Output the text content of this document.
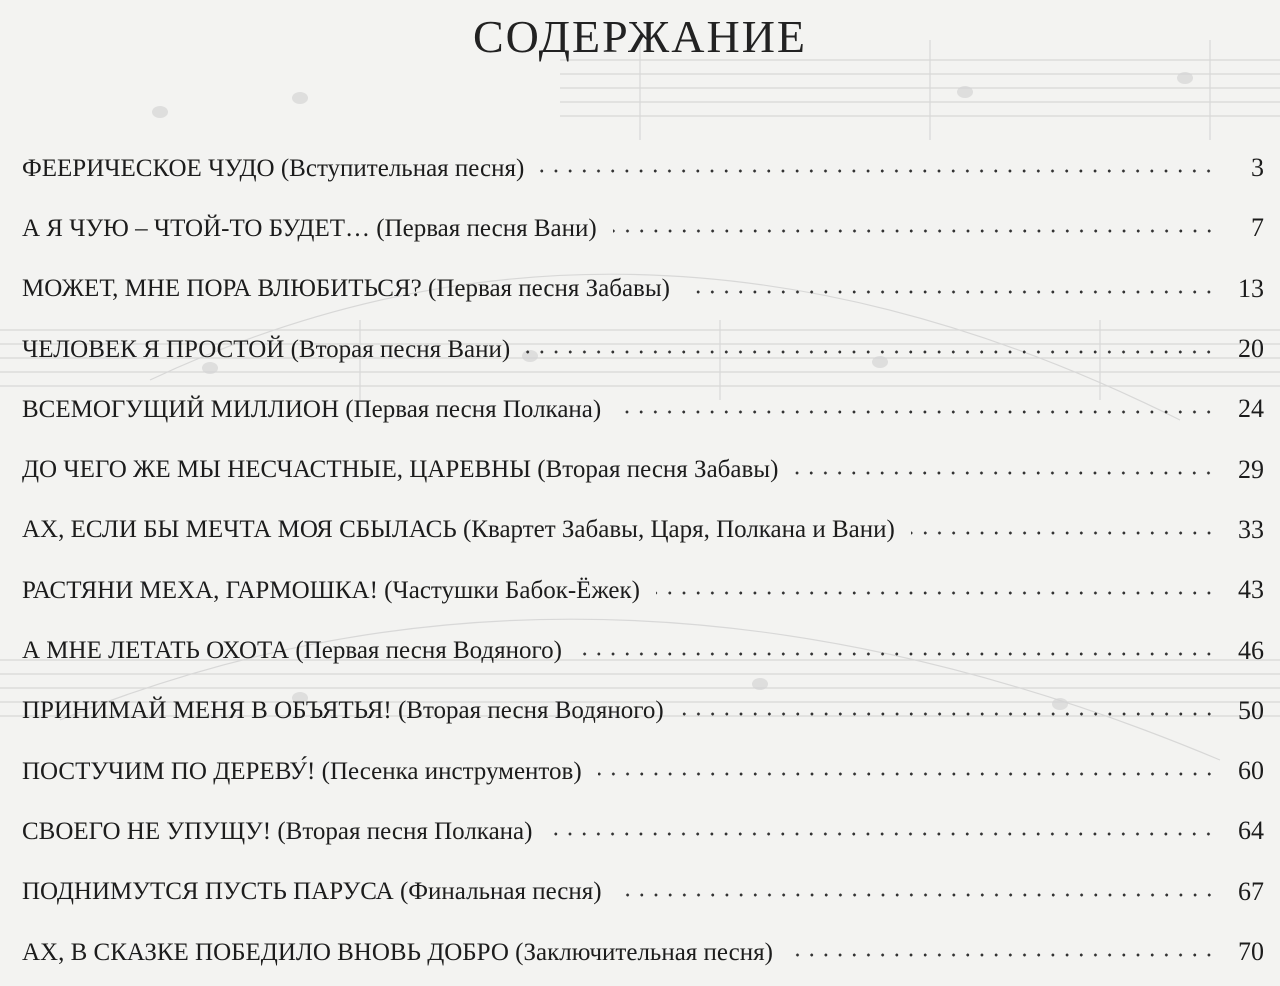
СОДЕРЖАНИЕ
ФЕЕРИЧЕСКОЕ ЧУДО (Вступительная песня)	3
А Я ЧУЮ – ЧТОЙ-ТО БУДЕТ… (Первая песня Вани)	7
МОЖЕТ, МНЕ ПОРА ВЛЮБИТЬСЯ? (Первая песня Забавы)	13
ЧЕЛОВЕК Я ПРОСТОЙ (Вторая песня Вани)	20
ВСЕМОГУЩИЙ МИЛЛИОН (Первая песня Полкана)	24
ДО ЧЕГО ЖЕ МЫ НЕСЧАСТНЫЕ, ЦАРЕВНЫ (Вторая песня Забавы)	29
АХ, ЕСЛИ БЫ МЕЧТА МОЯ СБЫЛАСЬ (Квартет Забавы, Царя, Полкана и Вани)	33
РАСТЯНИ МЕХА, ГАРМОШКА! (Частушки Бабок-Ёжек)	43
А МНЕ ЛЕТАТЬ ОХОТА (Первая песня Водяного)	46
ПРИНИМАЙ МЕНЯ В ОБЪЯТЬЯ! (Вторая песня Водяного)	50
ПОСТУЧИМ ПО ДЕРЕВУ́! (Песенка инструментов)	60
СВОЕГО НЕ УПУЩУ! (Вторая песня Полкана)	64
ПОДНИМУТСЯ ПУСТЬ ПАРУСА (Финальная песня)	67
АХ, В СКАЗКЕ ПОБЕДИЛО ВНОВЬ ДОБРО (Заключительная песня)	70
